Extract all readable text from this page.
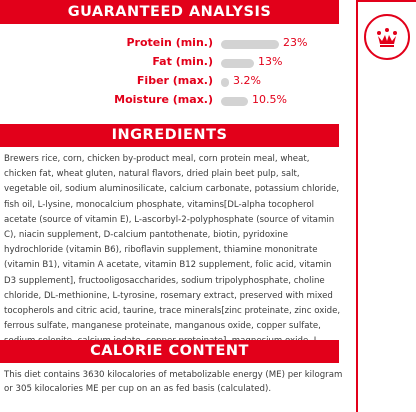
GUARANTEED ANALYSIS
Protein (min.)	23%
Fat (min.)	13%
Fiber (max.) 3.2%
Moisture (max.)	10.5%
INGREDIENTS

Brewers rice, corn, chicken by-product meal, corn protein meal, wheat, chicken fat, wheat gluten, natural flavors, dried plain beet pulp, salt, vegetable oil, sodium aluminosilicate, calcium carbonate, potassium chloride, fish oil, L-lysine, monocalcium phosphate, vitamins[DL-alpha tocopherol acetate (source of vitamin E), L-ascorbyl-2-polyphosphate (source of vitamin C), niacin supplement, D-calcium pantothenate, biotin, pyridoxine hydrochloride (vitamin B6), riboflavin supplement, thiamine mononitrate (vitamin B1), vitamin A acetate, vitamin B12 supplement, folic acid, vitamin D3 supplement], fructooligosaccharides, sodium tripolyphosphate, choline chloride, DL-methionine, L-tyrosine, rosemary extract, preserved with mixed tocopherols and citric acid, taurine, trace minerals[zinc proteinate, zinc oxide, ferrous sulfate, manganese proteinate, manganous oxide, copper sulfate,

CALORIE CONTENT

This diet contains 3630 kilocalories of metabolizable energy (ME) per kilogram or 305 kilocalories ME per cup on an as fed basis (calculated).
